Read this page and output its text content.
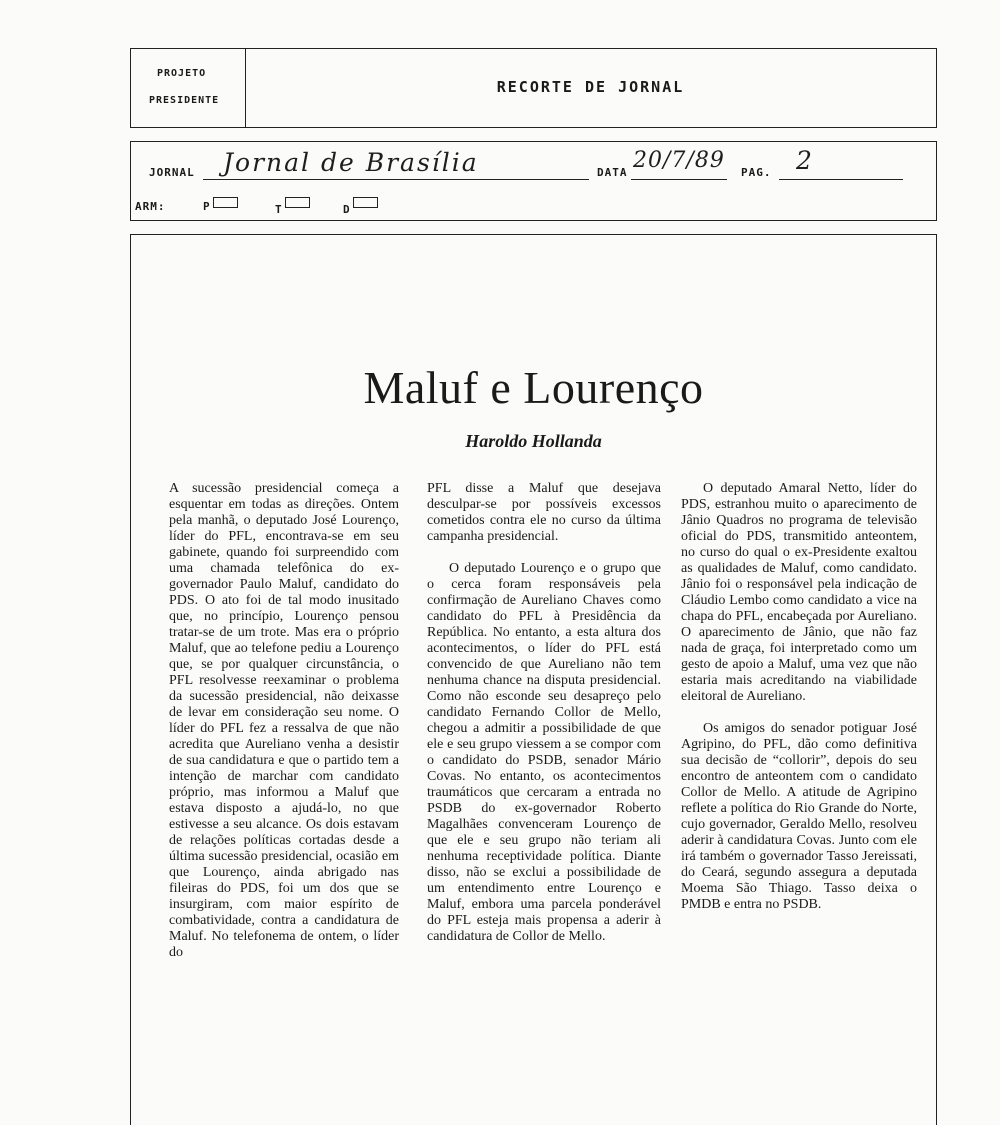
PROJETO
PRESIDENTE
RECORTE DE JORNAL
JORNAL Jornal de Brasília	DATA 20/7/89 PAG. 2
ARM:	P	T	D
Maluf e Lourenço
Haroldo Hollanda

A sucessão presidencial começa a esquentar em todas as direções. Ontem pela manhã, o deputado José Lourenço, líder do PFL, encontrava-se em seu gabinete, quando foi surpreendido com uma chamada telefônica do ex-governador Paulo Maluf, candidato do PDS. O ato foi de tal modo inusitado que, no princípio, Lourenço pensou tratar-se de um trote. Mas era o próprio Maluf, que ao telefone pediu a Lourenço que, se por qualquer circunstância, o PFL resolvesse reexaminar o problema da sucessão presidencial, não deixasse de levar em consideração seu nome. O líder do PFL fez a ressalva de que não acredita que Aureliano venha a desistir de sua candidatura e que o partido tem a intenção de marchar com candidato próprio, mas informou a Maluf que estava disposto a ajudá-lo, no que estivesse a seu alcance. Os dois estavam de relações políticas cortadas desde a última sucessão presidencial, ocasião em que Lourenço, ainda abrigado nas fileiras do PDS, foi um dos que se insurgiram, com maior espírito de combatividade, contra a candidatura de Maluf. No telefonema de ontem, o líder do

PFL disse a Maluf que desejava desculpar-se por possíveis excessos cometidos contra ele no curso da última campanha presidencial.

O deputado Lourenço e o grupo que o cerca foram responsáveis pela confirmação de Aureliano Chaves como candidato do PFL à Presidência da República. No entanto, a esta altura dos acontecimentos, o líder do PFL está convencido de que Aureliano não tem nenhuma chance na disputa presidencial. Como não esconde seu desapreço pelo candidato Fernando Collor de Mello, chegou a admitir a possibilidade de que ele e seu grupo viessem a se compor com o candidato do PSDB, senador Mário Covas. No entanto, os acontecimentos traumáticos que cercaram a entrada no PSDB do ex-governador Roberto Magalhães convenceram Lourenço de que ele e seu grupo não teriam ali nenhuma receptividade política. Diante disso, não se exclui a possibilidade de um entendimento entre Lourenço e Maluf, embora uma parcela ponderável do PFL esteja mais propensa a aderir à candidatura de Collor de Mello.

O deputado Amaral Netto, líder do PDS, estranhou muito o aparecimento de Jânio Quadros no programa de televisão oficial do PDS, transmitido anteontem, no curso do qual o ex-Presidente exaltou as qualidades de Maluf, como candidato. Jânio foi o responsável pela indicação de Cláudio Lembo como candidato a vice na chapa do PFL, encabeçada por Aureliano. O aparecimento de Jânio, que não faz nada de graça, foi interpretado como um gesto de apoio a Maluf, uma vez que não estaria mais acreditando na viabilidade eleitoral de Aureliano.

Os amigos do senador potiguar José Agripino, do PFL, dão como definitiva sua decisão de “collorir”, depois do seu encontro de anteontem com o candidato Collor de Mello. A atitude de Agripino reflete a política do Rio Grande do Norte, cujo governador, Geraldo Mello, resolveu aderir à candidatura Covas. Junto com ele irá também o governador Tasso Jereissati, do Ceará, segundo assegura a deputada Moema São Thiago. Tasso deixa o PMDB e entra no PSDB.
